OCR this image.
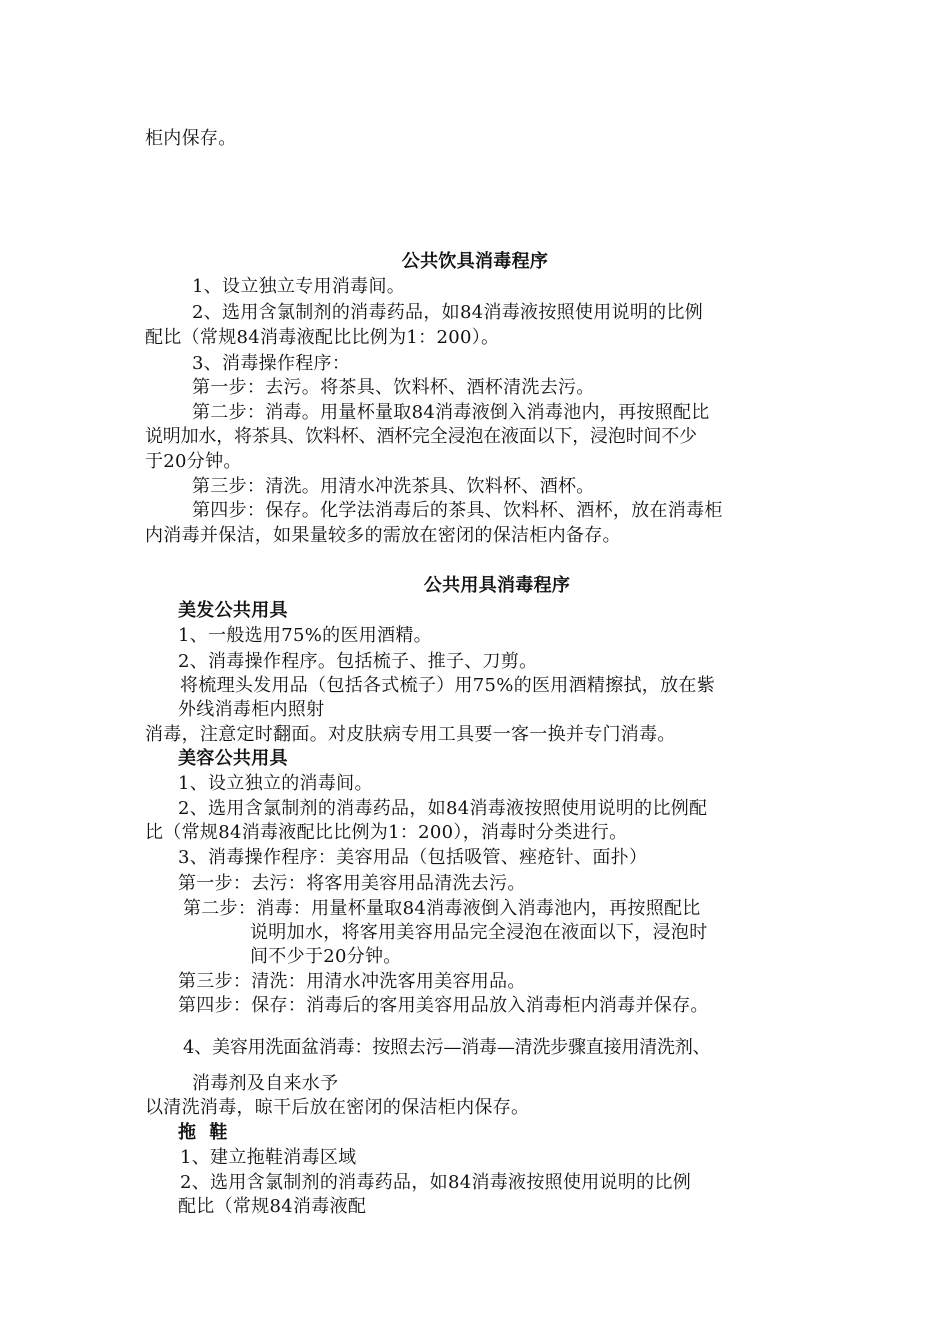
柜内保存。
公共饮具消毒程序
1、设立独立专用消毒间。
2、选用含氯制剂的消毒药品，如84消毒液按照使用说明的比例
配比（常规84消毒液配比比例为1：200）。
3、消毒操作程序：
第一步：去污。将茶具、饮料杯、酒杯清洗去污。
第二步：消毒。用量杯量取84消毒液倒入消毒池内，再按照配比
说明加水，将茶具、饮料杯、酒杯完全浸泡在液面以下，浸泡时间不少
于20分钟。
第三步：清洗。用清水冲洗茶具、饮料杯、酒杯。
第四步：保存。化学法消毒后的茶具、饮料杯、酒杯，放在消毒柜
内消毒并保洁，如果量较多的需放在密闭的保洁柜内备存。
公共用具消毒程序
美发公共用具
1、一般选用75%的医用酒精。
2、消毒操作程序。包括梳子、推子、刀剪。
将梳理头发用品（包括各式梳子）用75%的医用酒精擦拭，放在紫
外线消毒柜内照射
消毒，注意定时翻面。对皮肤病专用工具要一客一换并专门消毒。
美容公共用具
1、设立独立的消毒间。
2、选用含氯制剂的消毒药品，如84消毒液按照使用说明的比例配
比（常规84消毒液配比比例为1：200），消毒时分类进行。
3、消毒操作程序：美容用品（包括吸管、痤疮针、面扑）
第一步：去污：将客用美容用品清洗去污。
第二步：消毒：用量杯量取84消毒液倒入消毒池内，再按照配比
说明加水，将客用美容用品完全浸泡在液面以下，浸泡时
间不少于20分钟。
第三步：清洗：用清水冲洗客用美容用品。
第四步：保存：消毒后的客用美容用品放入消毒柜内消毒并保存。
4、美容用洗面盆消毒：按照去污—消毒—清洗步骤直接用清洗剂、
消毒剂及自来水予
以清洗消毒，晾干后放在密闭的保洁柜内保存。
拖  鞋
1、建立拖鞋消毒区域
2、选用含氯制剂的消毒药品，如84消毒液按照使用说明的比例
配比（常规84消毒液配
